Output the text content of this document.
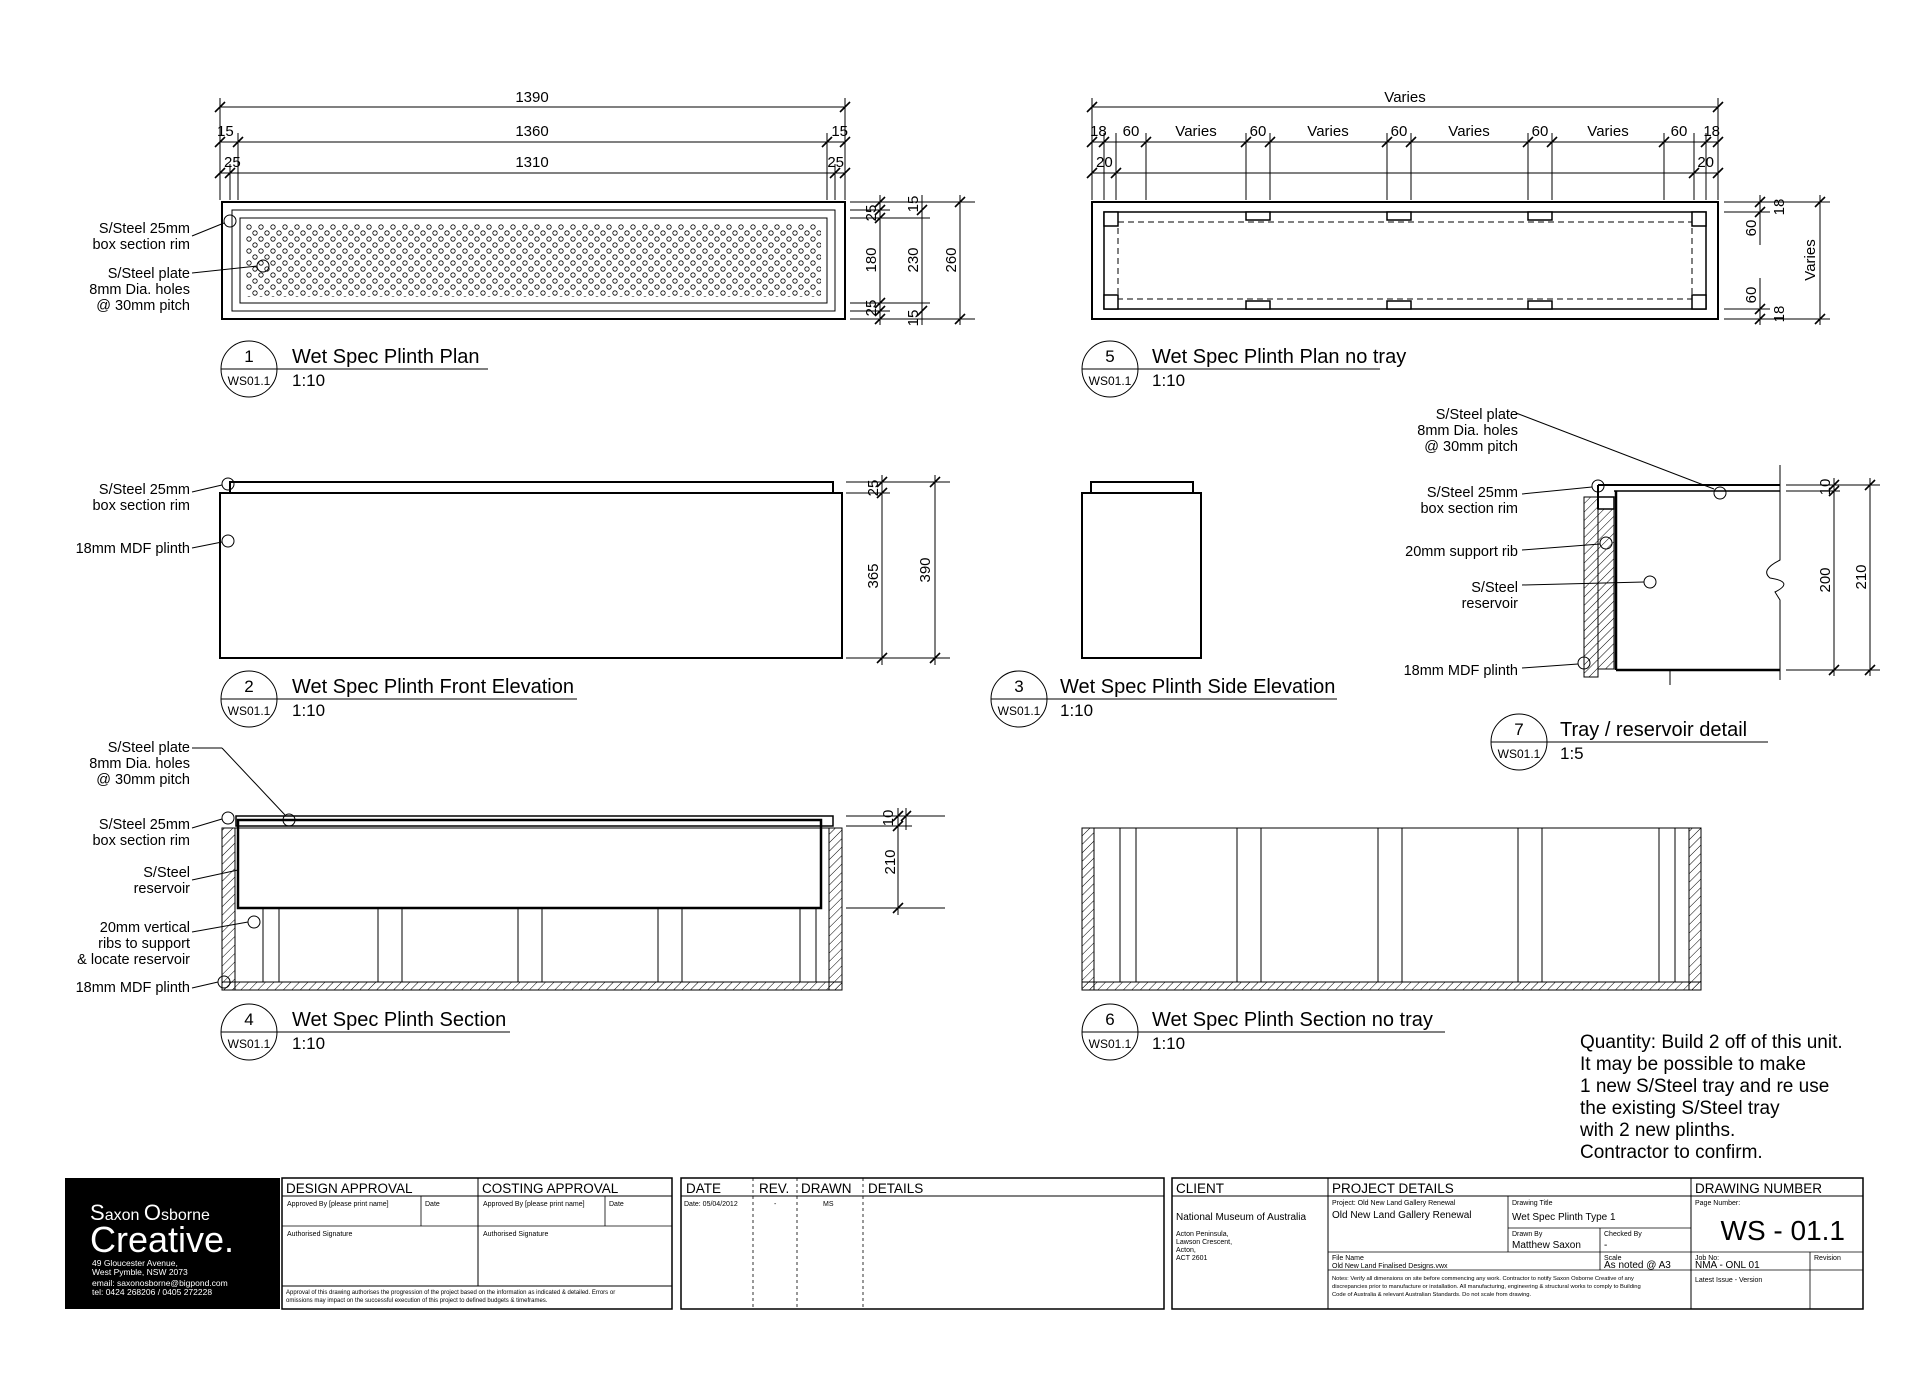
1390
1360
1310
15	15
25	25
25
180
25
230
15
15
260
S/Steel 25mm
box section rim
S/Steel plate
8mm Dia. holes
@ 30mm pitch
1
WS01.1
Wet Spec Plinth Plan
1:10
Varies
18 60 Varies 60	Varies	60	Varies	60	Varies	60 18
20	20
18
60
60
18
Varies
5
WS01.1
Wet Spec Plinth Plan no tray
1:10
25
365 390
S/Steel 25mm
box section rim
18mm MDF plinth
2
WS01.1
Wet Spec Plinth Front Elevation
1:10
3
WS01.1
Wet Spec Plinth Side Elevation
1:10
10
200 210
S/Steel plate
8mm Dia. holes
@ 30mm pitch
S/Steel 25mm
box section rim
20mm support rib
S/Steel
reservoir
18mm MDF plinth
7
WS01.1
Tray / reservoir detail
1:5
10
210
S/Steel plate
8mm Dia. holes
@ 30mm pitch
S/Steel 25mm
box section rim
S/Steel
reservoir
20mm vertical
ribs to support
& locate reservoir
18mm MDF plinth
4
WS01.1
Wet Spec Plinth Section
1:10
6
WS01.1
Wet Spec Plinth Section no tray
1:10	Quantity: Build 2 off of this unit.
It may be possible to make
1 new S/Steel tray and re use
the existing S/Steel tray
with 2 new plinths.
Contractor to confirm.
Saxon Osborne
Creative.
49 Gloucester Avenue,
West Pymble, NSW 2073
email: saxonosborne@bigpond.com
tel: 0424 268206 / 0405 272228
DESIGN APPROVAL	COSTING APPROVAL
Approved By [please print name]	Date	Approved By [please print name]	Date
Authorised Signature	Authorised Signature
Approval of this drawing authorises the progression of the project based on the information as indicated & detailed. Errors or
omissions may impact on the successful execution of this project to defined budgets & timeframes.
DATE	REV. DRAWN DETAILS
Date: 05/04/2012	-	MS
CLIENT
National Museum of Australia
Acton Peninsula,
Lawson Crescent,
Acton,
ACT 2601
PROJECT DETAILS
Project: Old New Land Gallery Renewal
Old New Land Gallery Renewal
Drawing Title
Wet Spec Plinth Type 1
Drawn By
Matthew Saxon
Checked By
-
File Name
Old New Land Finalised Designs.vwx
Scale
As noted @ A3
Notes: Verify all dimensions on site before commencing any work. Contractor to notify Saxon Osborne Creative of any
discrepancies prior to manufacture or installation. All manufacturing, engineering & structural works to comply to Building
Code of Australia & relevant Australian Standards. Do not scale from drawing.
DRAWING NUMBER
Page Number:
WS - 01.1
Job No:
NMA - ONL 01
Revision
Latest Issue - Version
